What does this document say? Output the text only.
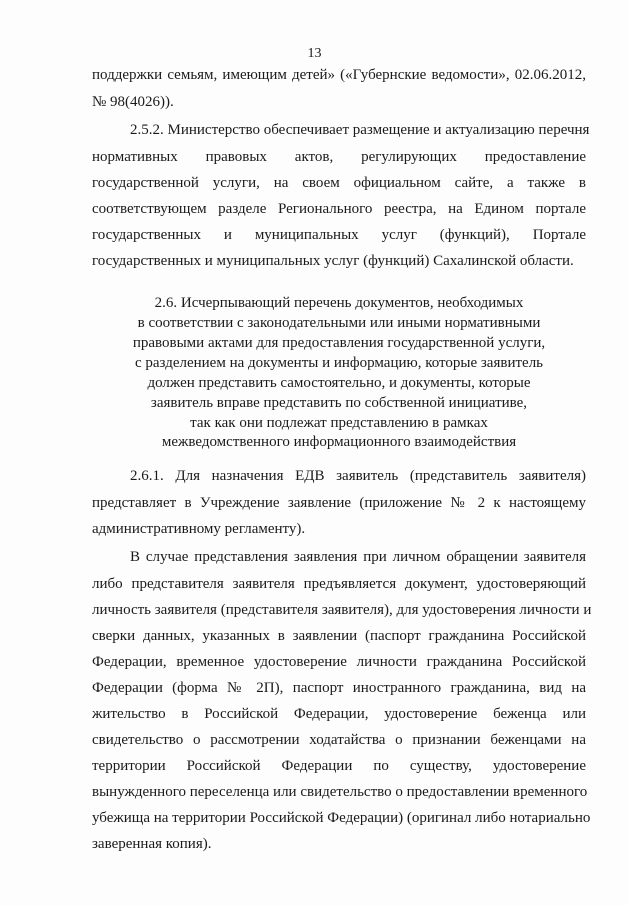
13
поддержки семьям, имеющим детей» («Губернские ведомости», 02.06.2012,
№ 98(4026)).
2.5.2. Министерство обеспечивает размещение и актуализацию перечня
нормативных правовых актов, регулирующих предоставление
государственной услуги, на своем официальном сайте, а также в
соответствующем разделе Регионального реестра, на Едином портале
государственных и муниципальных услуг (функций), Порталe
государственных и муниципальных услуг (функций) Сахалинской области.
2.6. Исчерпывающий перечень документов, необходимых
в соответствии с законодательными или иными нормативными
правовыми актами для предоставления государственной услуги,
с разделением на документы и информацию, которые заявитель
должен представить самостоятельно, и документы, которые
заявитель вправе представить по собственной инициативе,
так как они подлежат представлению в рамках
межведомственного информационного взаимодействия
2.6.1. Для назначения ЕДВ заявитель (представитель заявителя)
представляет в Учреждение заявление (приложение № 2 к настоящему
административному регламенту).
В случае представления заявления при личном обращении заявителя
либо представителя заявителя предъявляется документ, удостоверяющий
личность заявителя (представителя заявителя), для удостоверения личности и
сверки данных, указанных в заявлении (паспорт гражданина Российской
Федерации, временное удостоверение личности гражданина Российской
Федерации (форма № 2П), паспорт иностранного гражданина, вид на
жительство в Российской Федерации, удостоверение беженца или
свидетельство о рассмотрении ходатайства о признании беженцами на
территории Российской Федерации по существу, удостоверение
вынужденного переселенца или свидетельство о предоставлении временного
убежища на территории Российской Федерации) (оригинал либо нотариально
заверенная копия).
